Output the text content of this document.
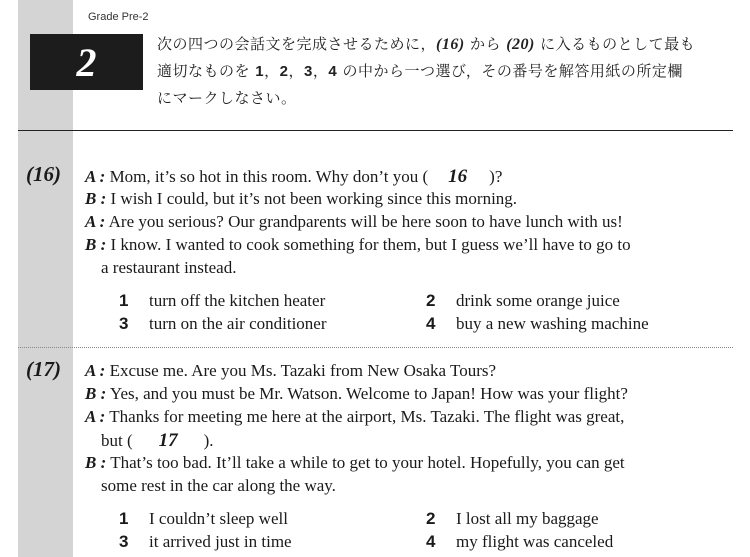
Grade Pre-2
2	次の四つの会話文を完成させるために，(16) から (20) に入るものとして最も
適切なものを 1，2，3，4 の中から一つ選び，その番号を解答用紙の所定欄
にマークしなさい。
(16) A : Mom, it’s so hot in this room. Why don’t you ( 16 )?
B : I wish I could, but it’s not been working since this morning.
A : Are you serious? Our grandparents will be here soon to have lunch with us!
B : I know. I wanted to cook something for them, but I guess we’ll have to go to
a restaurant instead.
1 turn off the kitchen heater	2 drink some orange juice
3 turn on the air conditioner	4 buy a new washing machine
(17) A : Excuse me. Are you Ms. Tazaki from New Osaka Tours?
B : Yes, and you must be Mr. Watson. Welcome to Japan! How was your flight?
A : Thanks for meeting me here at the airport, Ms. Tazaki. The flight was great,
but ( 17 ).
B : That’s too bad. It’ll take a while to get to your hotel. Hopefully, you can get
some rest in the car along the way.
1 I couldn’t sleep well	2 I lost all my baggage
3 it arrived just in time	4 my flight was canceled
